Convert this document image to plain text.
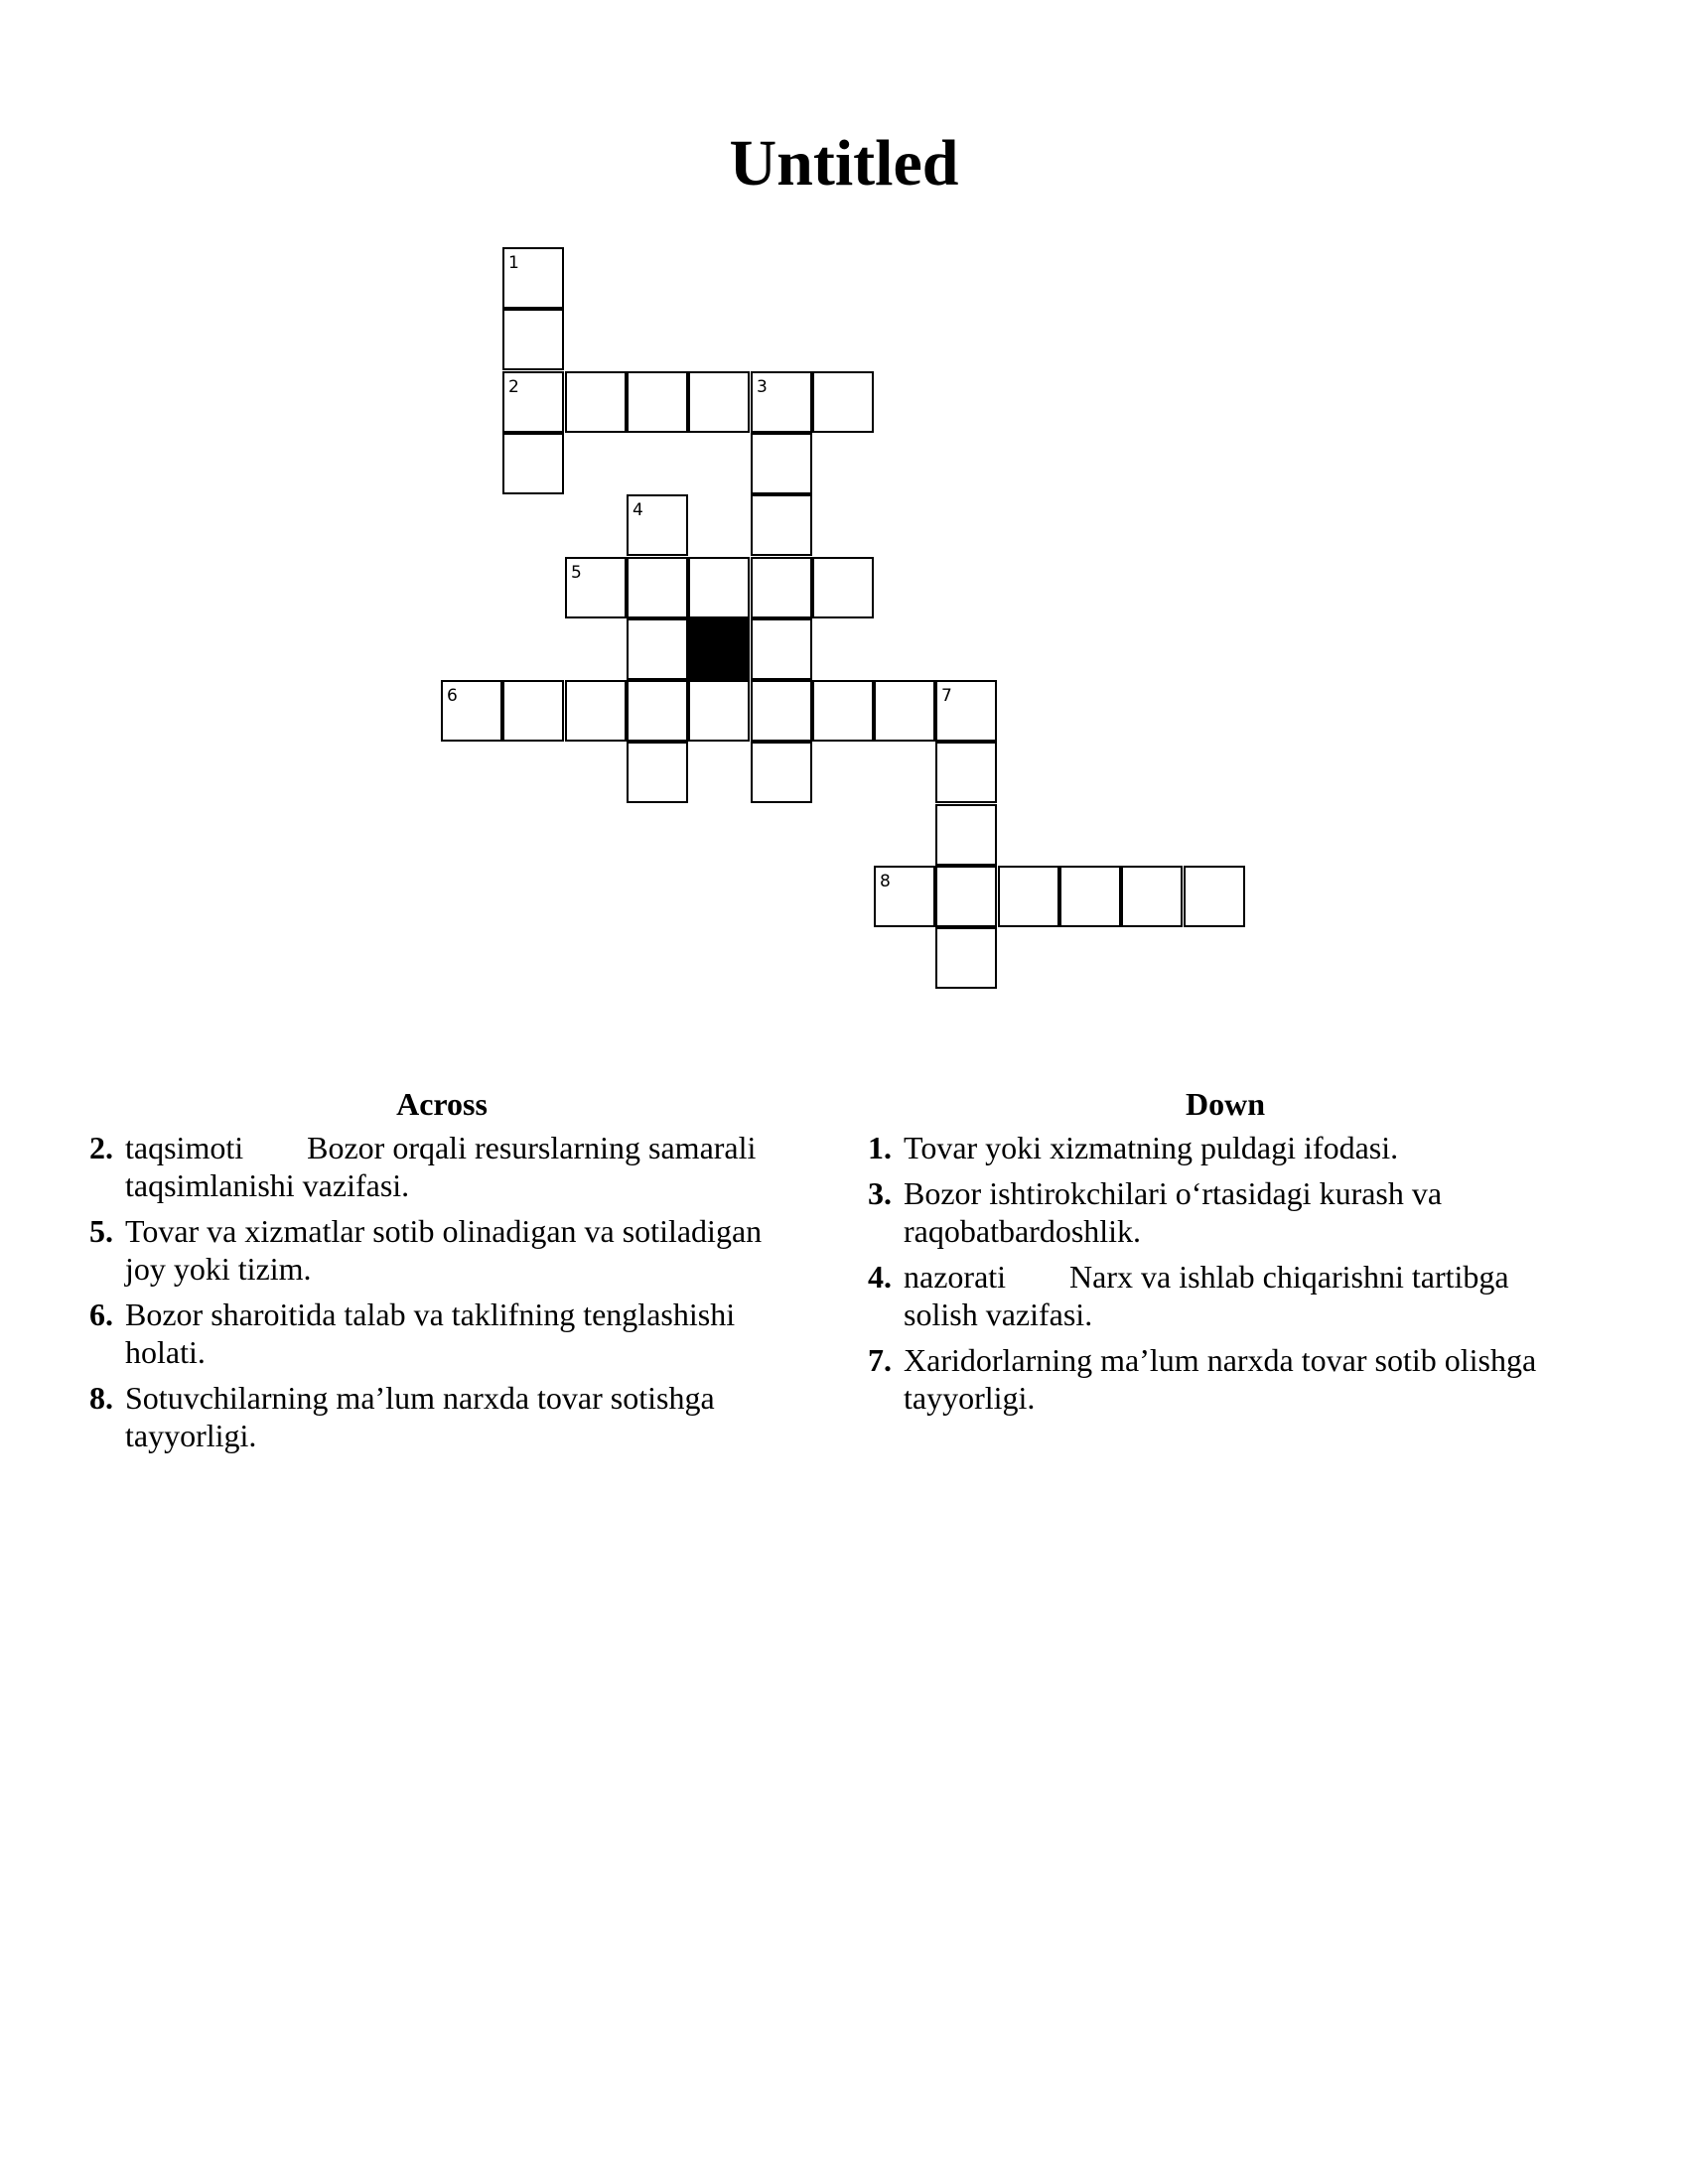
Untitled
1
2	3
4
5
6	7
8
Across
2. taqsimoti Bozor orqali resurslarning samarali taqsimlanishi vazifasi.
5. Tovar va xizmatlar sotib olinadigan va sotiladigan joy yoki tizim.
6. Bozor sharoitida talab va taklifning tenglashishi holati.
8. Sotuvchilarning ma’lum narxda tovar sotishga tayyorligi.
Down
1. Tovar yoki xizmatning puldagi ifodasi.
3. Bozor ishtirokchilari o‘rtasidagi kurash va raqobatbardoshlik.
4. nazorati Narx va ishlab chiqarishni tartibga solish vazifasi.
7. Xaridorlarning ma’lum narxda tovar sotib olishga tayyorligi.
